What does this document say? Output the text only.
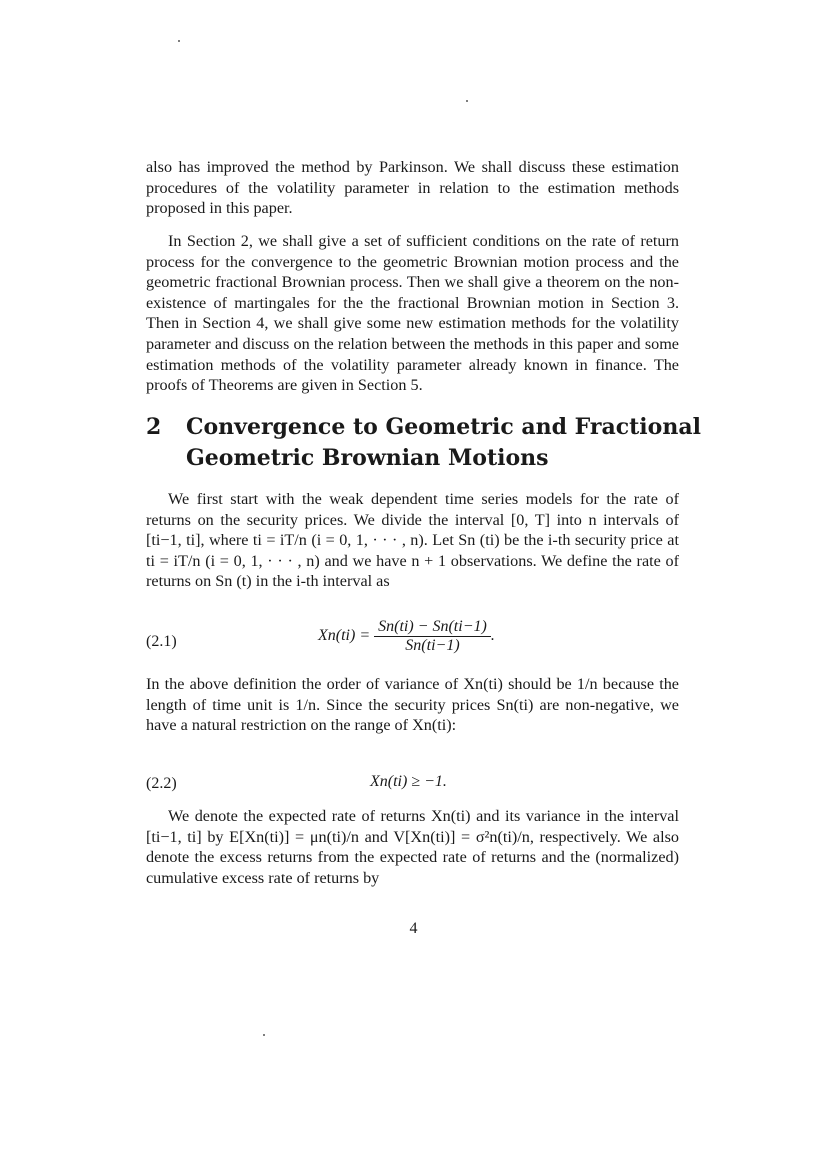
also has improved the method by Parkinson. We shall discuss these estimation procedures of the volatility parameter in relation to the estimation methods proposed in this paper.

In Section 2, we shall give a set of sufficient conditions on the rate of return process for the convergence to the geometric Brownian motion process and the geometric fractional Brownian process. Then we shall give a theorem on the non-existence of martingales for the the fractional Brownian motion in Section 3. Then in Section 4, we shall give some new estimation methods for the volatility parameter and discuss on the relation between the methods in this paper and some estimation methods of the volatility parameter already known in finance. The proofs of Theorems are given in Section 5.

2 Convergence to Geometric and Fractional Geometric Brownian Motions

We first start with the weak dependent time series models for the rate of returns on the security prices. We divide the interval [0, T] into n intervals of [ti−1, ti], where ti = iT/n (i = 0, 1, · · · , n). Let Sn (ti) be the i-th security price at ti = iT/n (i = 0, 1, · · · , n) and we have n + 1 observations. We define the rate of returns on Sn (t) in the i-th interval as

(2.1)	$Xn(ti) = \frac{Sn(ti) - Sn(ti-1)}{Sn(ti-1)}$ .

In the above definition the order of variance of Xn(ti) should be 1/n because the length of time unit is 1/n. Since the security prices Sn(ti) are non-negative, we have a natural restriction on the range of Xn(ti):

(2.2)	Xn(ti) ≥ −1.

We denote the expected rate of returns Xn(ti) and its variance in the interval [ti−1, ti] by E[Xn(ti)] = μn(ti)/n and V[Xn(ti)] = σ²n(ti)/n, respectively. We also denote the excess returns from the expected rate of returns and the (normalized) cumulative excess rate of returns by

4
